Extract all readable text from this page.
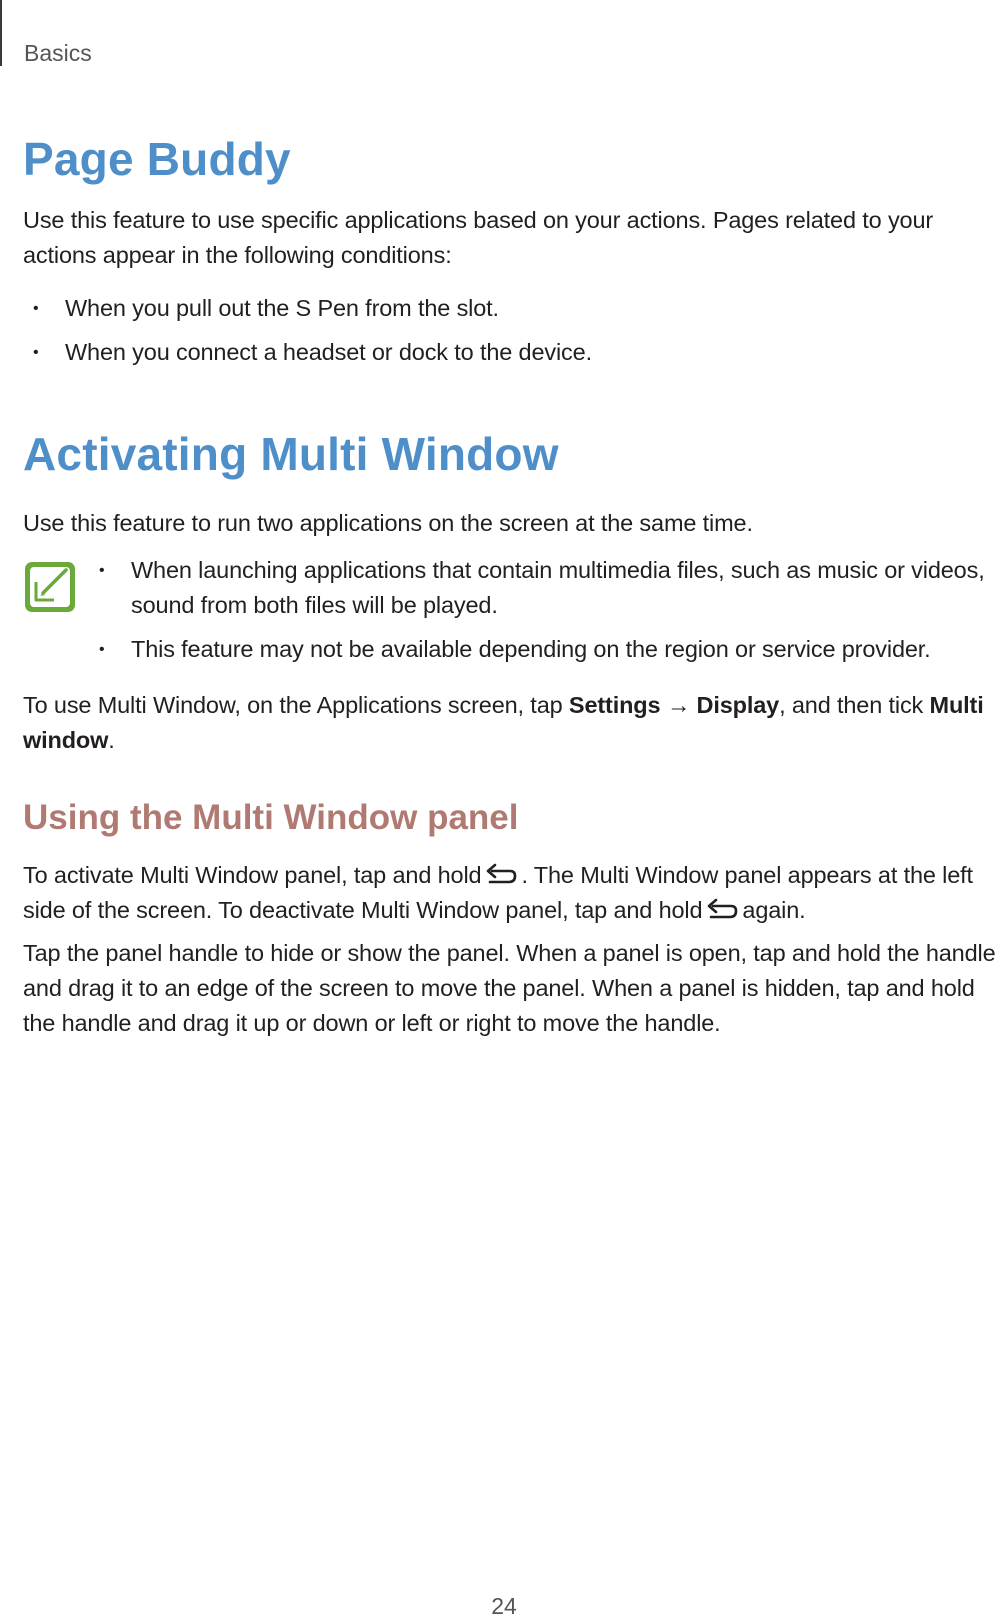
Basics

Page Buddy

Use this feature to use specific applications based on your actions. Pages related to your actions appear in the following conditions:

• When you pull out the S Pen from the slot.
• When you connect a headset or dock to the device.
Activating Multi Window

Use this feature to run two applications on the screen at the same time.

• When launching applications that contain multimedia files, such as music or videos, sound from both files will be played.
• This feature may not be available depending on the region or service provider.

To use Multi Window, on the Applications screen, tap Settings → Display, and then tick Multi window.

Using the Multi Window panel

To activate Multi Window panel, tap and hold . The Multi Window panel appears at the left side of the screen. To deactivate Multi Window panel, tap and hold again.

Tap the panel handle to hide or show the panel. When a panel is open, tap and hold the handle and drag it to an edge of the screen to move the panel. When a panel is hidden, tap and hold the handle and drag it up or down or left or right to move the handle.

24
